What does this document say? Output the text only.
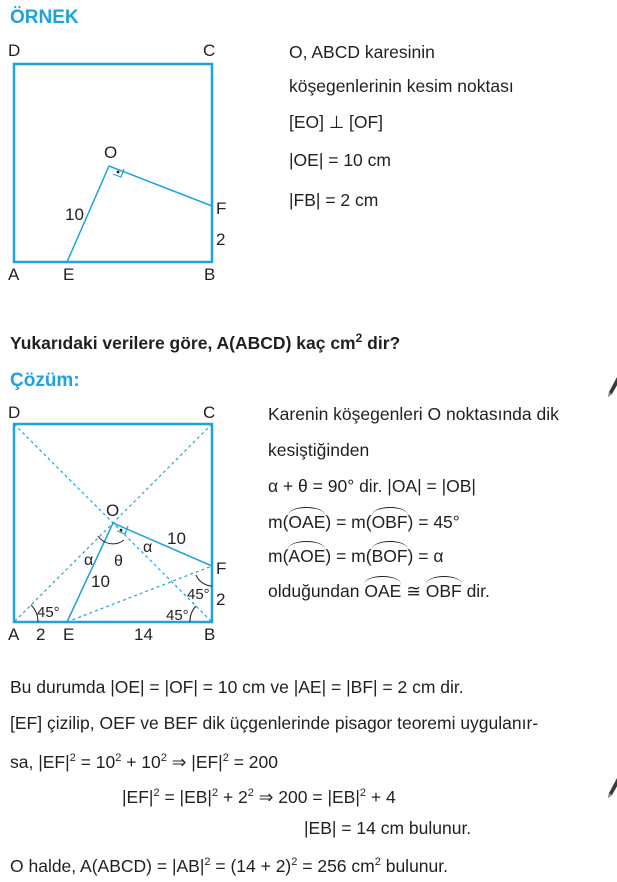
ÖRNEK
D	C
O
F
2
10
A	E	B
O, ABCD karesinin
köşegenlerinin kesim noktası
[EO] ⊥ [OF]
|OE| = 10 cm
|FB| = 2 cm
Yukarıdaki verilere göre, A(ABCD) kaç $cm^2$ dir?
Çözüm:
D	C
O
F
2
10
10
α θ
α
45°
45°
45°
A 2 E	14	B
Karenin köşegenleri O noktasında dik
kesiştiğinden
α + θ = 90° dir. |OA| = |OB|
m(OAE) = m(OBF) = 45°
m(AOE) = m(BOF) = α
olduğundan OAE ≅ OBF dir.
Bu durumda |OE| = |OF| = 10 cm ve |AE| = |BF| = 2 cm dir.
[EF] çizilip, OEF ve BEF dik üçgenlerinde pisagor teoremi uygulanır-
sa, $|EF|^2 = 10^2 + 10^2$ ⇒ $|EF|^2 = 200$
$|EF|^2 = |EB|^2 + 2^2$ ⇒ $200 = |EB|^2 + 4$
|EB| = 14 cm bulunur.
O halde, A(ABCD) = $|AB|^2 = (14 + 2)^2 = 256$ $cm^2$ bulunur.
